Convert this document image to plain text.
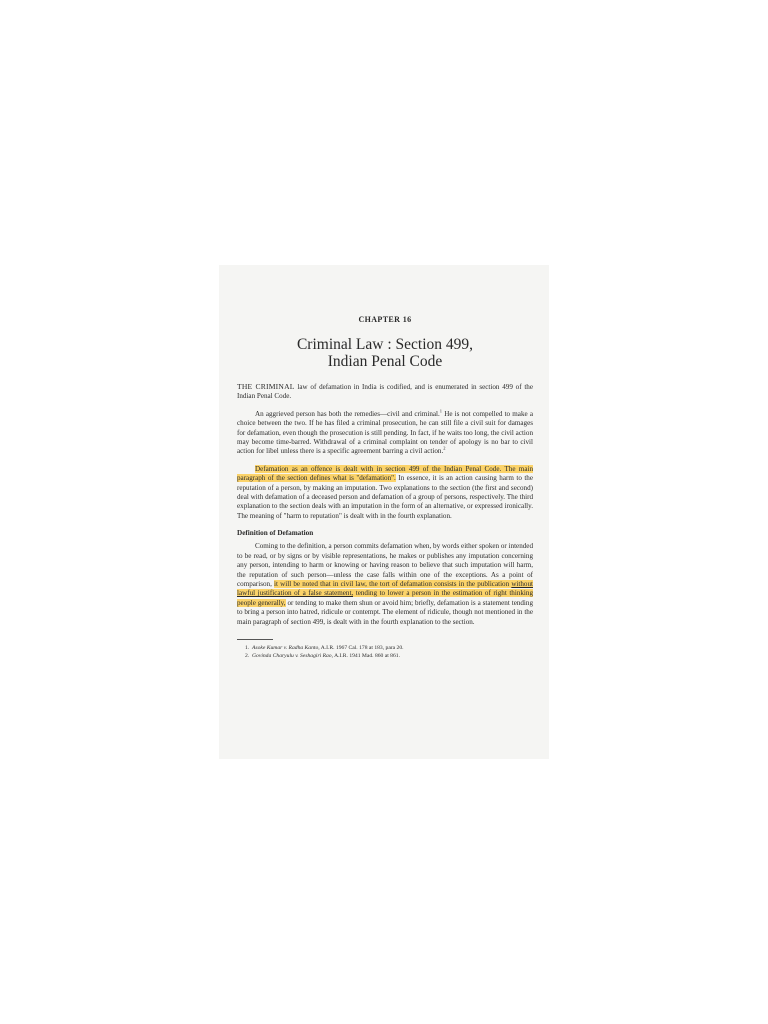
CHAPTER 16
Criminal Law : Section 499,
Indian Penal Code

THE CRIMINAL law of defamation in India is codified, and is enumerated in section 499 of the Indian Penal Code.

An aggrieved person has both the remedies—civil and criminal.$^1$ He is not compelled to make a choice between the two. If he has filed a criminal prosecution, he can still file a civil suit for damages for defamation, even though the prosecution is still pending. In fact, if he waits too long, the civil action may become time-barred. Withdrawal of a criminal complaint on tender of apology is no bar to civil action for libel unless there is a specific agreement barring a civil action.$^2$

Defamation as an offence is dealt with in section 499 of the Indian Penal Code. The main paragraph of the section defines what is "defamation". In essence, it is an action causing harm to the reputation of a person, by making an imputation. Two explanations to the section (the first and second) deal with defamation of a deceased person and defamation of a group of persons, respectively. The third explanation to the section deals with an imputation in the form of an alternative, or expressed ironically. The meaning of "harm to reputation" is dealt with in the fourth explanation.

Definition of Defamation

Coming to the definition, a person commits defamation when, by words either spoken or intended to be read, or by signs or by visible representations, he makes or publishes any imputation concerning any person, intending to harm or knowing or having reason to believe that such imputation will harm, the reputation of such person—unless the case falls within one of the exceptions. As a point of comparison, it will be noted that in civil law, the tort of defamation consists in the publication without lawful justification of a false statement, tending to lower a person in the estimation of right thinking people generally, or tending to make them shun or avoid him; briefly, defamation is a statement tending to bring a person into hatred, ridicule or contempt. The element of ridicule, though not mentioned in the main paragraph of section 499, is dealt with in the fourth explanation to the section.

1. Asoke Kumar v. Radha Kanto, A.I.R. 1967 Cal. 178 at 183, para 20.

2. Govinda Charyulu v. Seshagiri Rao, A.I.R. 1941 Mad. 860 at 861.
